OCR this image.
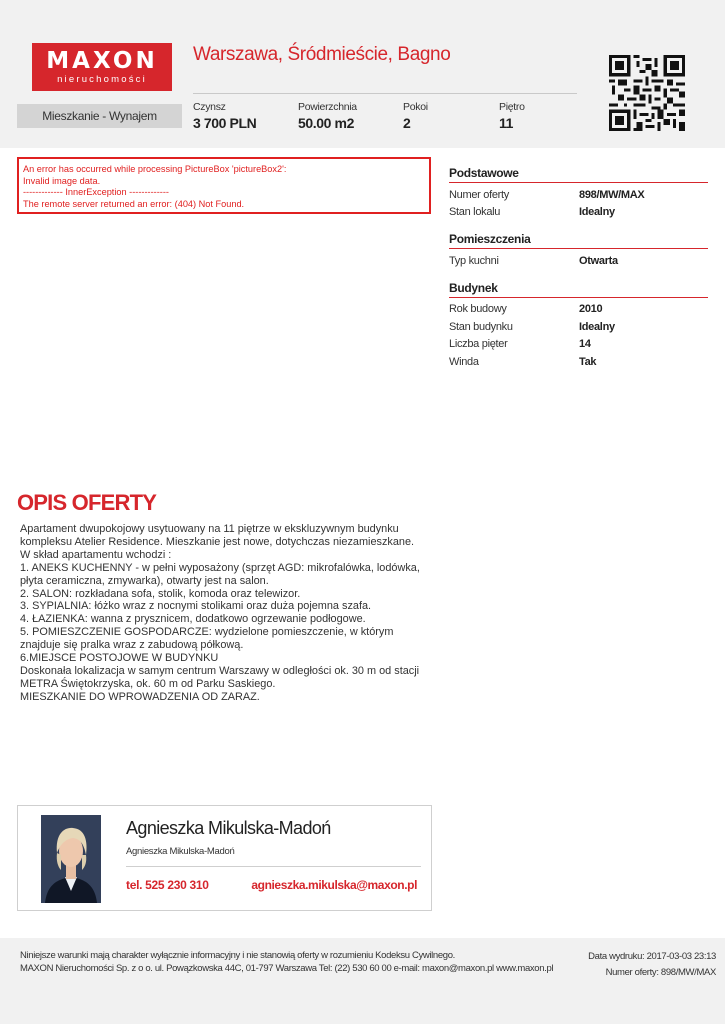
MAXON
nieruchomości
Warszawa, Śródmieście, Bagno
Mieszkanie - Wynajem
Czynsz
3 700 PLN
Powierzchnia
50.00 m2
Pokoi
2
Piętro
11

An error has occurred while processing PictureBox 'pictureBox2':

Invalid image data.

------------- InnerException -------------

The remote server returned an error: (404) Not Found.

Podstawowe
Numer oferty	898/MW/MAX
Stan lokalu	Idealny
Pomieszczenia
Typ kuchni	Otwarta
Budynek
Rok budowy	2010
Stan budynku	Idealny
Liczba pięter	14
Winda	Tak
OPIS OFERTY
Apartament dwupokojowy usytuowany na 11 piętrze w ekskluzywnym budynku
kompleksu Atelier Residence. Mieszkanie jest nowe, dotychczas niezamieszkane.
W skład apartamentu wchodzi :
1. ANEKS KUCHENNY - w pełni wyposażony (sprzęt AGD: mikrofalówka, lodówka,
płyta ceramiczna, zmywarka), otwarty jest na salon.
2. SALON: rozkładana sofa, stolik, komoda oraz telewizor.
3. SYPIALNIA: łóżko wraz z nocnymi stolikami oraz duża pojemna szafa.
4. ŁAZIENKA: wanna z prysznicem, dodatkowo ogrzewanie podłogowe.
5. POMIESZCZENIE GOSPODARCZE: wydzielone pomieszczenie, w którym
znajduje się pralka wraz z zabudową półkową.
6.MIEJSCE POSTOJOWE W BUDYNKU
Doskonała lokalizacja w samym centrum Warszawy w odległości ok. 30 m od stacji
METRA Świętokrzyska, ok. 60 m od Parku Saskiego.
MIESZKANIE DO WPROWADZENIA OD ZARAZ.
Agnieszka Mikulska-Madoń
Agnieszka Mikulska-Madoń
tel. 525 230 310	agnieszka.mikulska@maxon.pl
Niniejsze warunki mają charakter wyłącznie informacyjny i nie stanowią oferty w rozumieniu Kodeksu Cywilnego.
MAXON Nieruchomości Sp. z o o. ul. Powązkowska 44C, 01-797 Warszawa Tel: (22) 530 60 00 e-mail: maxon@maxon.pl www.maxon.pl
Data wydruku: 2017-03-03 23:13
Numer oferty: 898/MW/MAX
